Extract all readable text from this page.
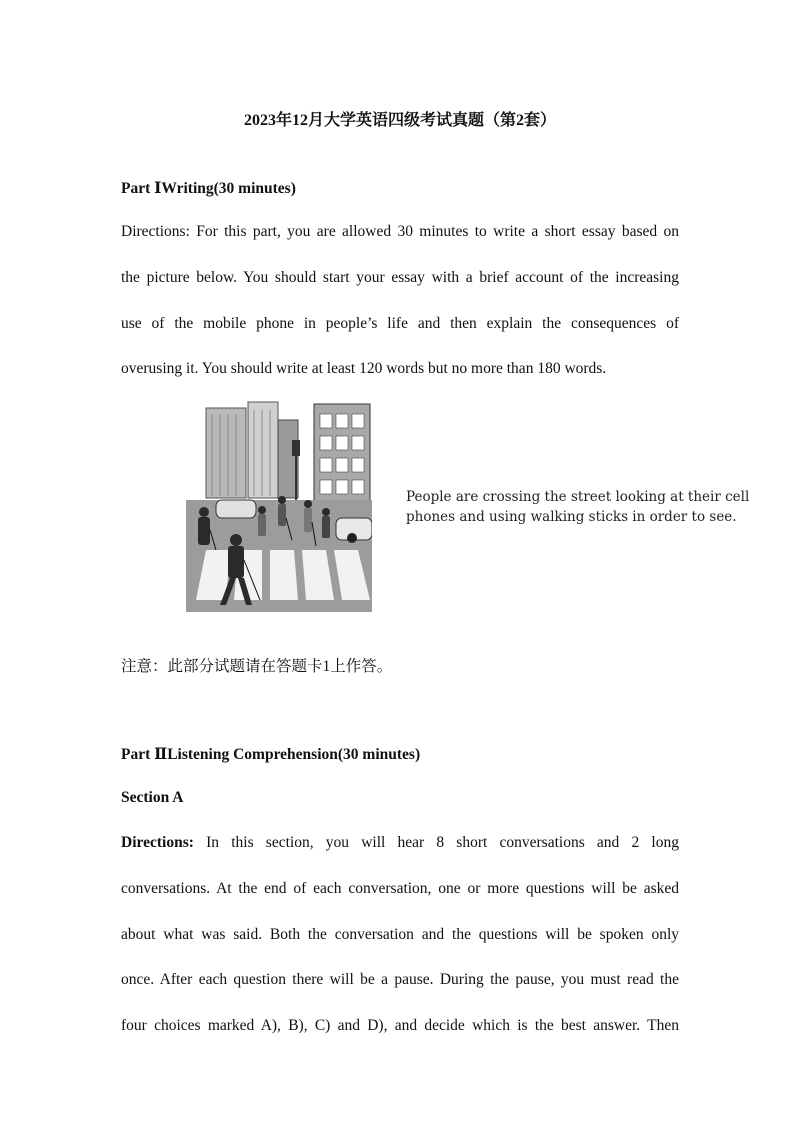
2023年12月大学英语四级考试真题（第2套）
Part ⅠWriting(30 minutes)
Directions: For this part, you are allowed 30 minutes to write a short essay based on
the picture below. You should start your essay with a brief account of the increasing
use of the mobile phone in people’s life and then explain the consequences of
overusing it. You should write at least 120 words but no more than 180 words.
People are crossing the street looking at their cell
phones and using walking sticks in order to see.
注意：此部分试题请在答题卡1上作答。
Part ⅡListening Comprehension(30 minutes)
Section A
Directions: In this section, you will hear 8 short conversations and 2 long
conversations. At the end of each conversation, one or more questions will be asked
about what was said. Both the conversation and the questions will be spoken only
once. After each question there will be a pause. During the pause, you must read the
four choices marked A), B), C) and D), and decide which is the best answer. Then
